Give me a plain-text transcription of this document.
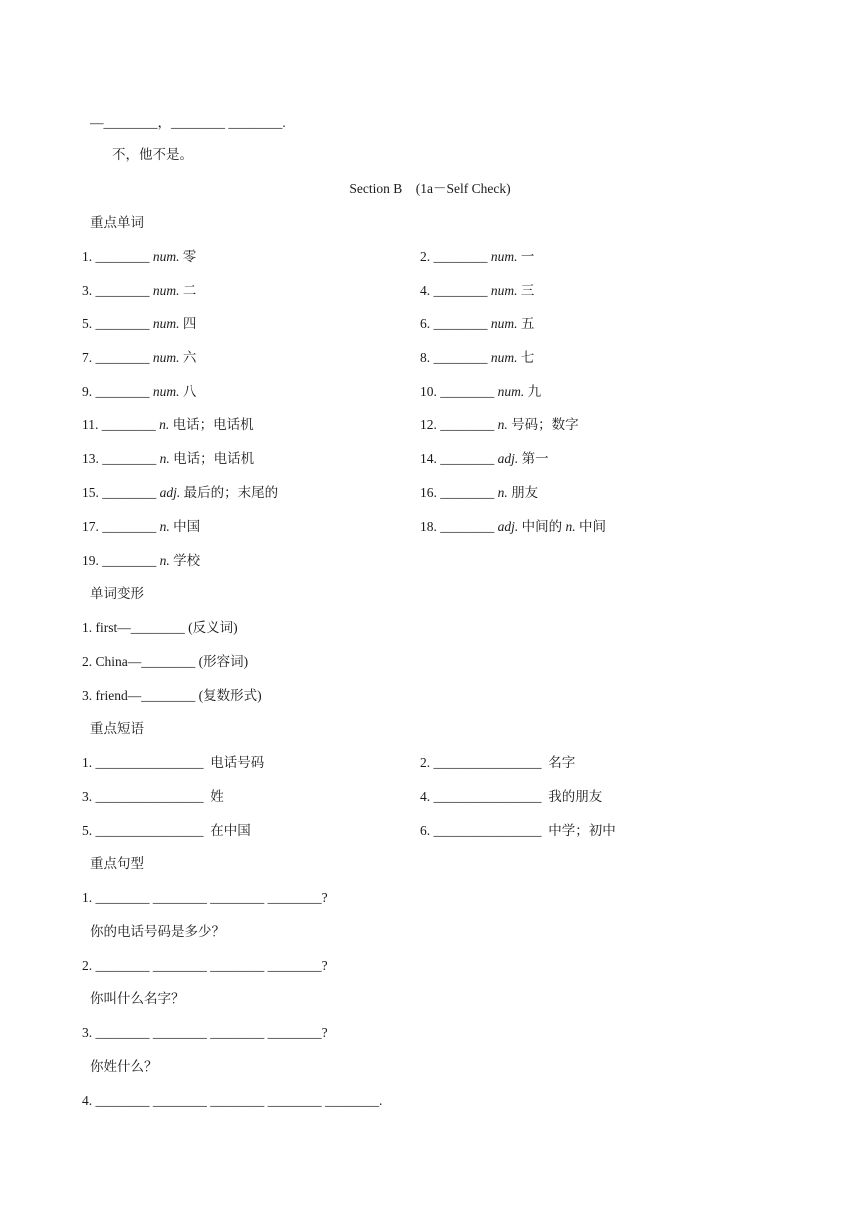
—________，________ ________.
不，他不是。
Section B　(1a－Self Check)
重点单词
1. ________ num. 零	2. ________ num. 一
3. ________ num. 二	4. ________ num. 三
5. ________ num. 四	6. ________ num. 五
7. ________ num. 六	8. ________ num. 七
9. ________ num. 八	10. ________ num. 九
11. ________ n. 电话；电话机	12. ________ n. 号码；数字
13. ________ n. 电话；电话机	14. ________ adj. 第一
15. ________ adj. 最后的；末尾的	16. ________ n. 朋友
17. ________ n. 中国	18. ________ adj. 中间的 n. 中间
19. ________ n. 学校
单词变形
1. first—________ (反义词)
2. China—________ (形容词)
3. friend—________ (复数形式)
重点短语
1. ________________  电话号码	2. ________________  名字
3. ________________  姓	4. ________________  我的朋友
5. ________________  在中国	6. ________________  中学；初中
重点句型
1. ________ ________ ________ ________?
你的电话号码是多少？
2. ________ ________ ________ ________?
你叫什么名字？
3. ________ ________ ________ ________?
你姓什么？
4. ________ ________ ________ ________ ________.
